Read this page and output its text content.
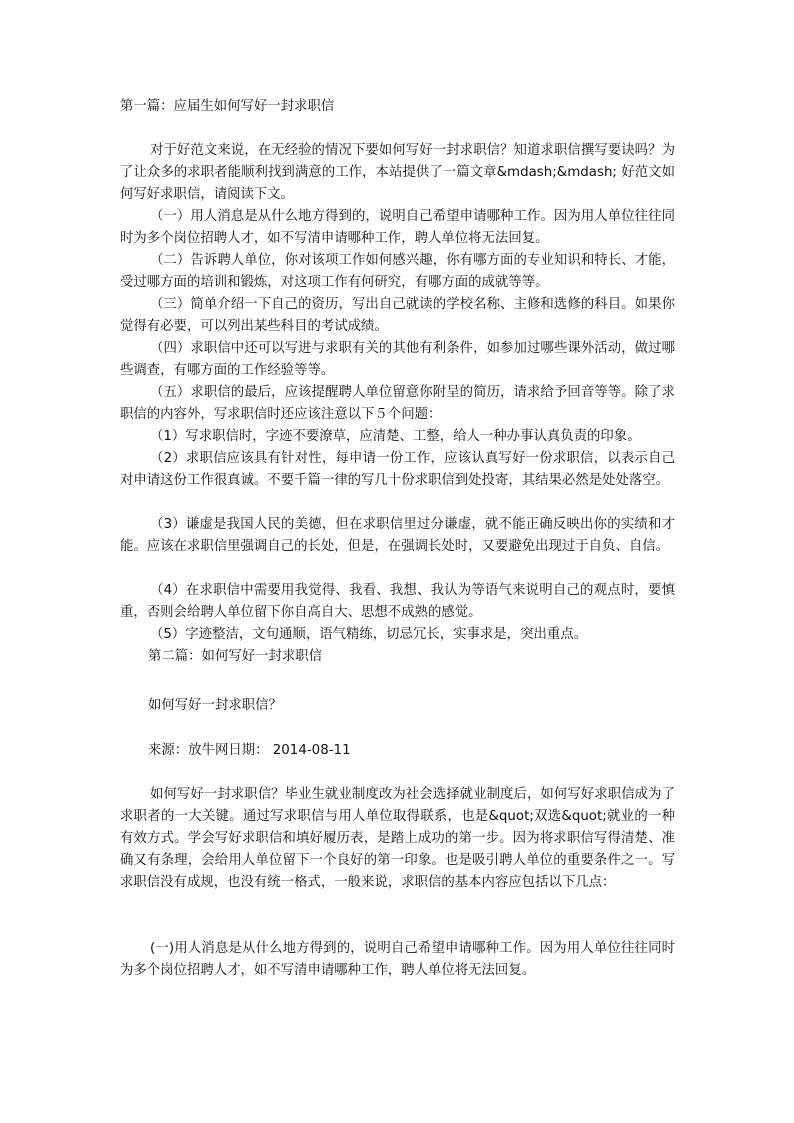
第一篇：应届生如何写好一封求职信

对于好范文来说，在无经验的情况下要如何写好一封求职信？知道求职信撰写要诀吗？为了让众多的求职者能顺利找到满意的工作，本站提供了一篇文章&mdash;&mdash; 好范文如何写好求职信，请阅读下文。

（一）用人消息是从什么地方得到的，说明自己希望申请哪种工作。因为用人单位往往同时为多个岗位招聘人才，如不写清申请哪种工作，聘人单位将无法回复。

（二）告诉聘人单位，你对该项工作如何感兴趣，你有哪方面的专业知识和特长、才能，受过哪方面的培训和锻炼，对这项工作有何研究，有哪方面的成就等等。

（三）简单介绍一下自己的资历，写出自己就读的学校名称、主修和选修的科目。如果你觉得有必要，可以列出某些科目的考试成绩。

（四）求职信中还可以写进与求职有关的其他有利条件，如参加过哪些课外活动，做过哪些调查，有哪方面的工作经验等等。

（五）求职信的最后，应该提醒聘人单位留意你附呈的简历，请求给予回音等等。除了求职信的内容外，写求职信时还应该注意以下５个问题：

（1）写求职信时，字迹不要潦草，应清楚、工整，给人一种办事认真负责的印象。

（2）求职信应该具有针对性，每申请一份工作，应该认真写好一份求职信，以表示自己对申请这份工作很真诚。不要千篇一律的写几十份求职信到处投寄，其结果必然是处处落空。

（3）谦虚是我国人民的美德，但在求职信里过分谦虚，就不能正确反映出你的实绩和才能。应该在求职信里强调自己的长处，但是，在强调长处时，又要避免出现过于自负、自信。

（4）在求职信中需要用我觉得、我看、我想、我认为等语气来说明自己的观点时，要慎重，否则会给聘人单位留下你自高自大、思想不成熟的感觉。

（5）字迹整洁，文句通顺，语气精练，切忌冗长，实事求是，突出重点。

第二篇：如何写好一封求职信

如何写好一封求职信？

来源：放牛网日期： 2014-08-11

如何写好一封求职信？毕业生就业制度改为社会选择就业制度后，如何写好求职信成为了求职者的一大关键。通过写求职信与用人单位取得联系，也是&quot;双选&quot;就业的一种有效方式。学会写好求职信和填好履历表，是踏上成功的第一步。因为将求职信写得清楚、准确又有条理，会给用人单位留下一个良好的第一印象。也是吸引聘人单位的重要条件之一。写求职信没有成规，也没有统一格式，一般来说，求职信的基本内容应包括以下几点：

(一)用人消息是从什么地方得到的，说明自己希望申请哪种工作。因为用人单位往往同时为多个岗位招聘人才，如不写清申请哪种工作，聘人单位将无法回复。
